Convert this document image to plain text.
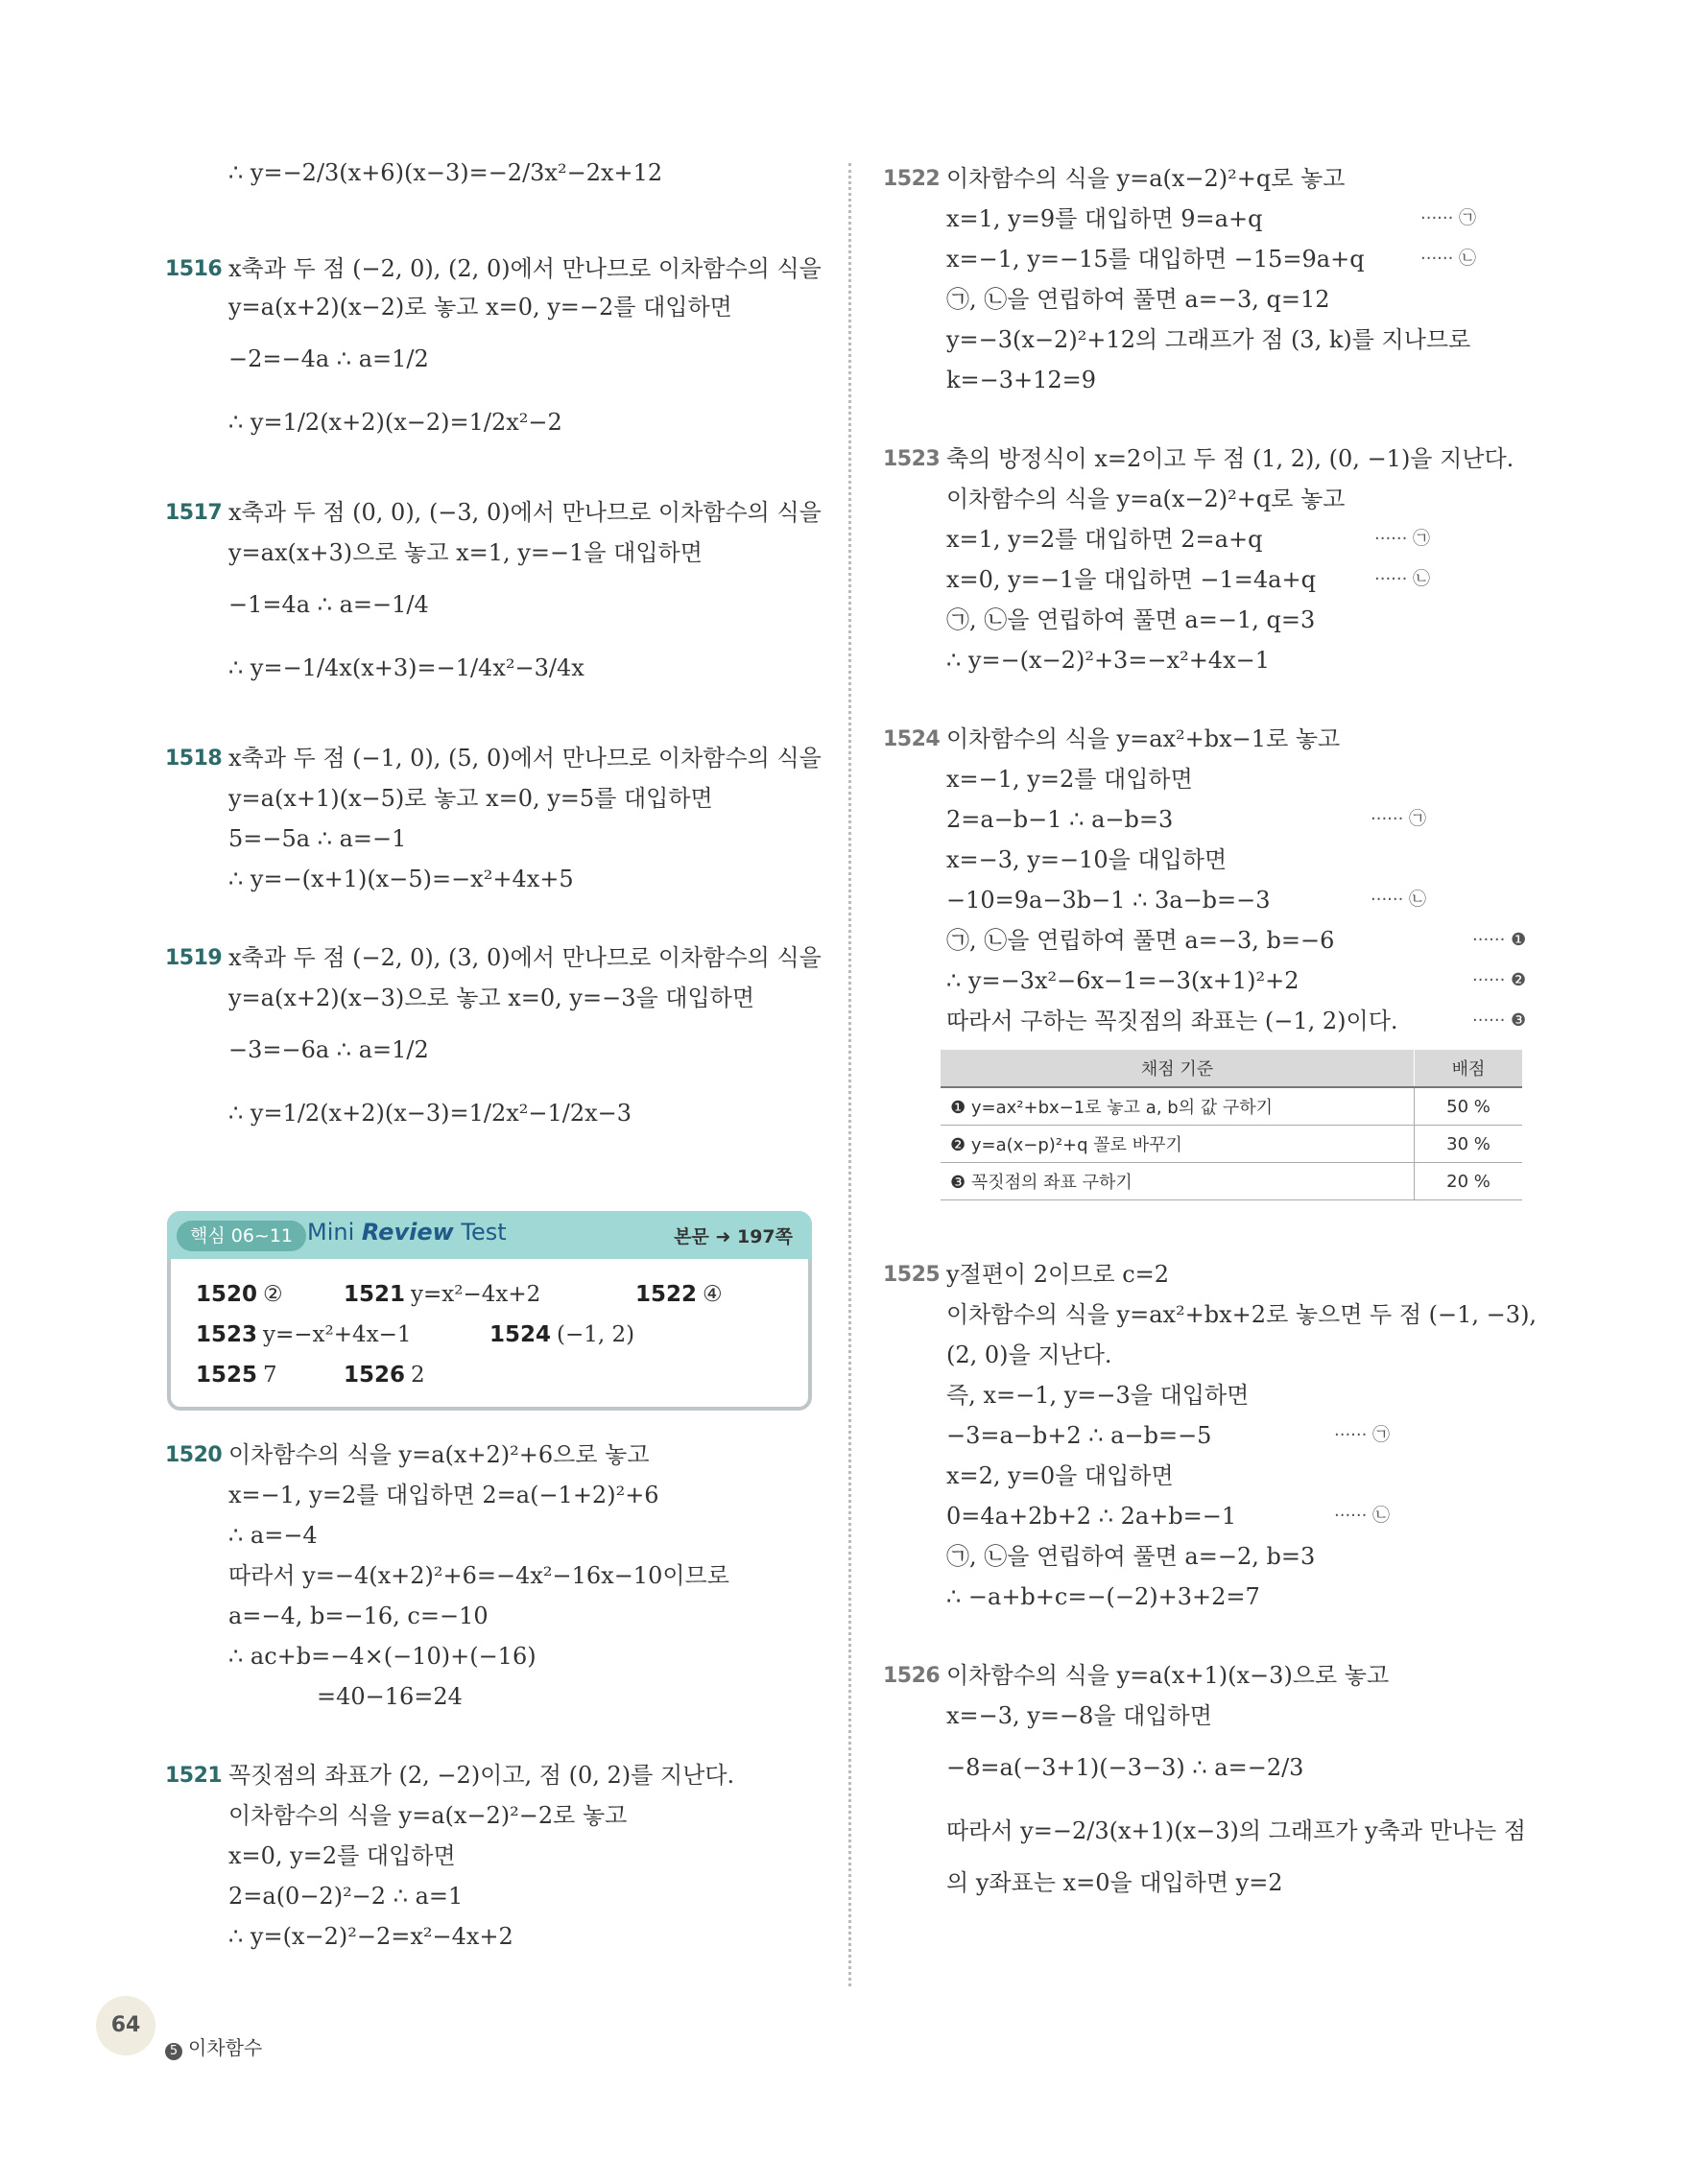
핵심 06~11 Mini Review Test	본문 ➜ 197쪽
채점 기준	배점
❶ y=ax²+bx−1로 놓고 a, b의 값 구하기	50 %
❷ y=a(x−p)²+q 꼴로 바꾸기	30 %
❸ 꼭짓점의 좌표 구하기	20 %
64
5 이차함수
∴ y=−2/3(x+6)(x−3)=−2/3x²−2x+12
1516 x축과 두 점 (−2, 0), (2, 0)에서 만나므로 이차함수의 식을
y=a(x+2)(x−2)로 놓고 x=0, y=−2를 대입하면
−2=−4a ∴ a=1/2
∴ y=1/2(x+2)(x−2)=1/2x²−2
1517 x축과 두 점 (0, 0), (−3, 0)에서 만나므로 이차함수의 식을
y=ax(x+3)으로 놓고 x=1, y=−1을 대입하면
−1=4a ∴ a=−1/4
∴ y=−1/4x(x+3)=−1/4x²−3/4x
1518 x축과 두 점 (−1, 0), (5, 0)에서 만나므로 이차함수의 식을
y=a(x+1)(x−5)로 놓고 x=0, y=5를 대입하면
5=−5a ∴ a=−1
∴ y=−(x+1)(x−5)=−x²+4x+5
1519 x축과 두 점 (−2, 0), (3, 0)에서 만나므로 이차함수의 식을
y=a(x+2)(x−3)으로 놓고 x=0, y=−3을 대입하면
−3=−6a ∴ a=1/2
∴ y=1/2(x+2)(x−3)=1/2x²−1/2x−3
1520 이차함수의 식을 y=a(x+2)²+6으로 놓고
x=−1, y=2를 대입하면 2=a(−1+2)²+6
∴ a=−4
따라서 y=−4(x+2)²+6=−4x²−16x−10이므로
a=−4, b=−16, c=−10
∴ ac+b=−4×(−10)+(−16)
=40−16=24
1521 꼭짓점의 좌표가 (2, −2)이고, 점 (0, 2)를 지난다.
이차함수의 식을 y=a(x−2)²−2로 놓고
x=0, y=2를 대입하면
2=a(0−2)²−2 ∴ a=1
∴ y=(x−2)²−2=x²−4x+2
1522 이차함수의 식을 y=a(x−2)²+q로 놓고
x=1, y=9를 대입하면 9=a+q	······ ㉠
x=−1, y=−15를 대입하면 −15=9a+q	······ ㉡
㉠, ㉡을 연립하여 풀면 a=−3, q=12
y=−3(x−2)²+12의 그래프가 점 (3, k)를 지나므로
k=−3+12=9
1523 축의 방정식이 x=2이고 두 점 (1, 2), (0, −1)을 지난다.
이차함수의 식을 y=a(x−2)²+q로 놓고
x=1, y=2를 대입하면 2=a+q	······ ㉠
x=0, y=−1을 대입하면 −1=4a+q	······ ㉡
㉠, ㉡을 연립하여 풀면 a=−1, q=3
∴ y=−(x−2)²+3=−x²+4x−1
1524 이차함수의 식을 y=ax²+bx−1로 놓고
x=−1, y=2를 대입하면
2=a−b−1 ∴ a−b=3	······ ㉠
x=−3, y=−10을 대입하면
−10=9a−3b−1 ∴ 3a−b=−3	······ ㉡
㉠, ㉡을 연립하여 풀면 a=−3, b=−6	······ ❶
∴ y=−3x²−6x−1=−3(x+1)²+2	······ ❷
따라서 구하는 꼭짓점의 좌표는 (−1, 2)이다.	······ ❸
1525 y절편이 2이므로 c=2
이차함수의 식을 y=ax²+bx+2로 놓으면 두 점 (−1, −3),
(2, 0)을 지난다.
즉, x=−1, y=−3을 대입하면
−3=a−b+2 ∴ a−b=−5	······ ㉠
x=2, y=0을 대입하면
0=4a+2b+2 ∴ 2a+b=−1	······ ㉡
㉠, ㉡을 연립하여 풀면 a=−2, b=3
∴ −a+b+c=−(−2)+3+2=7
1526 이차함수의 식을 y=a(x+1)(x−3)으로 놓고
x=−3, y=−8을 대입하면
−8=a(−3+1)(−3−3) ∴ a=−2/3
따라서 y=−2/3(x+1)(x−3)의 그래프가 y축과 만나는 점
의 y좌표는 x=0을 대입하면 y=2
1520 ②	1521 y=x²−4x+2	1522 ④
1523 y=−x²+4x−1	1524 (−1, 2)
1525 7	1526 2
